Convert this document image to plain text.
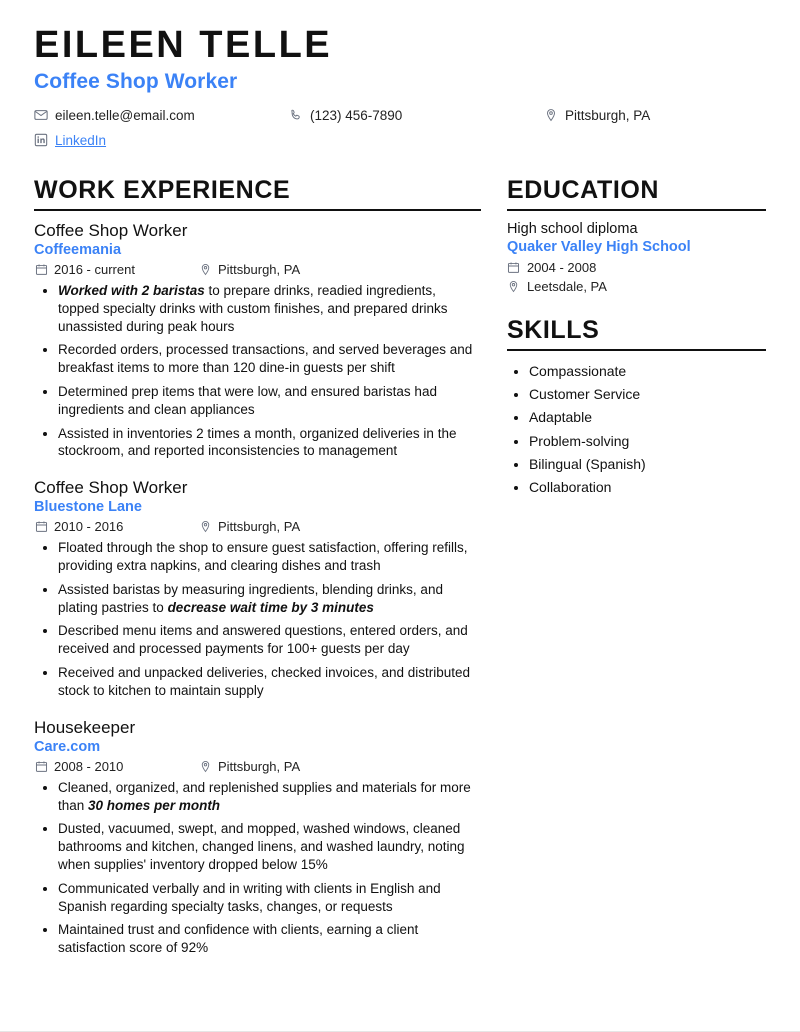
EILEEN TELLE
Coffee Shop Worker
eileen.telle@email.com	(123) 456-7890	Pittsburgh, PA
LinkedIn
WORK EXPERIENCE
Coffee Shop Worker
Coffeemania
2016 - current	Pittsburgh, PA
• Worked with 2 baristas to prepare drinks, readied ingredients, topped specialty drinks with custom finishes, and prepared drinks unassisted during peak hours
• Recorded orders, processed transactions, and served beverages and breakfast items to more than 120 dine-in guests per shift
• Determined prep items that were low, and ensured baristas had ingredients and clean appliances
• Assisted in inventories 2 times a month, organized deliveries in the stockroom, and reported inconsistencies to management
Coffee Shop Worker
Bluestone Lane
2010 - 2016	Pittsburgh, PA
• Floated through the shop to ensure guest satisfaction, offering refills, providing extra napkins, and clearing dishes and trash
• Assisted baristas by measuring ingredients, blending drinks, and plating pastries to decrease wait time by 3 minutes
• Described menu items and answered questions, entered orders, and received and processed payments for 100+ guests per day
• Received and unpacked deliveries, checked invoices, and distributed stock to kitchen to maintain supply
Housekeeper
Care.com
2008 - 2010	Pittsburgh, PA
• Cleaned, organized, and replenished supplies and materials for more than 30 homes per month
• Dusted, vacuumed, swept, and mopped, washed windows, cleaned bathrooms and kitchen, changed linens, and washed laundry, noting when supplies' inventory dropped below 15%
• Communicated verbally and in writing with clients in English and Spanish regarding specialty tasks, changes, or requests
• Maintained trust and confidence with clients, earning a client satisfaction score of 92%
EDUCATION
High school diploma
Quaker Valley High School
2004 - 2008
Leetsdale, PA
SKILLS
• Compassionate
• Customer Service
• Adaptable
• Problem-solving
• Bilingual (Spanish)
• Collaboration
